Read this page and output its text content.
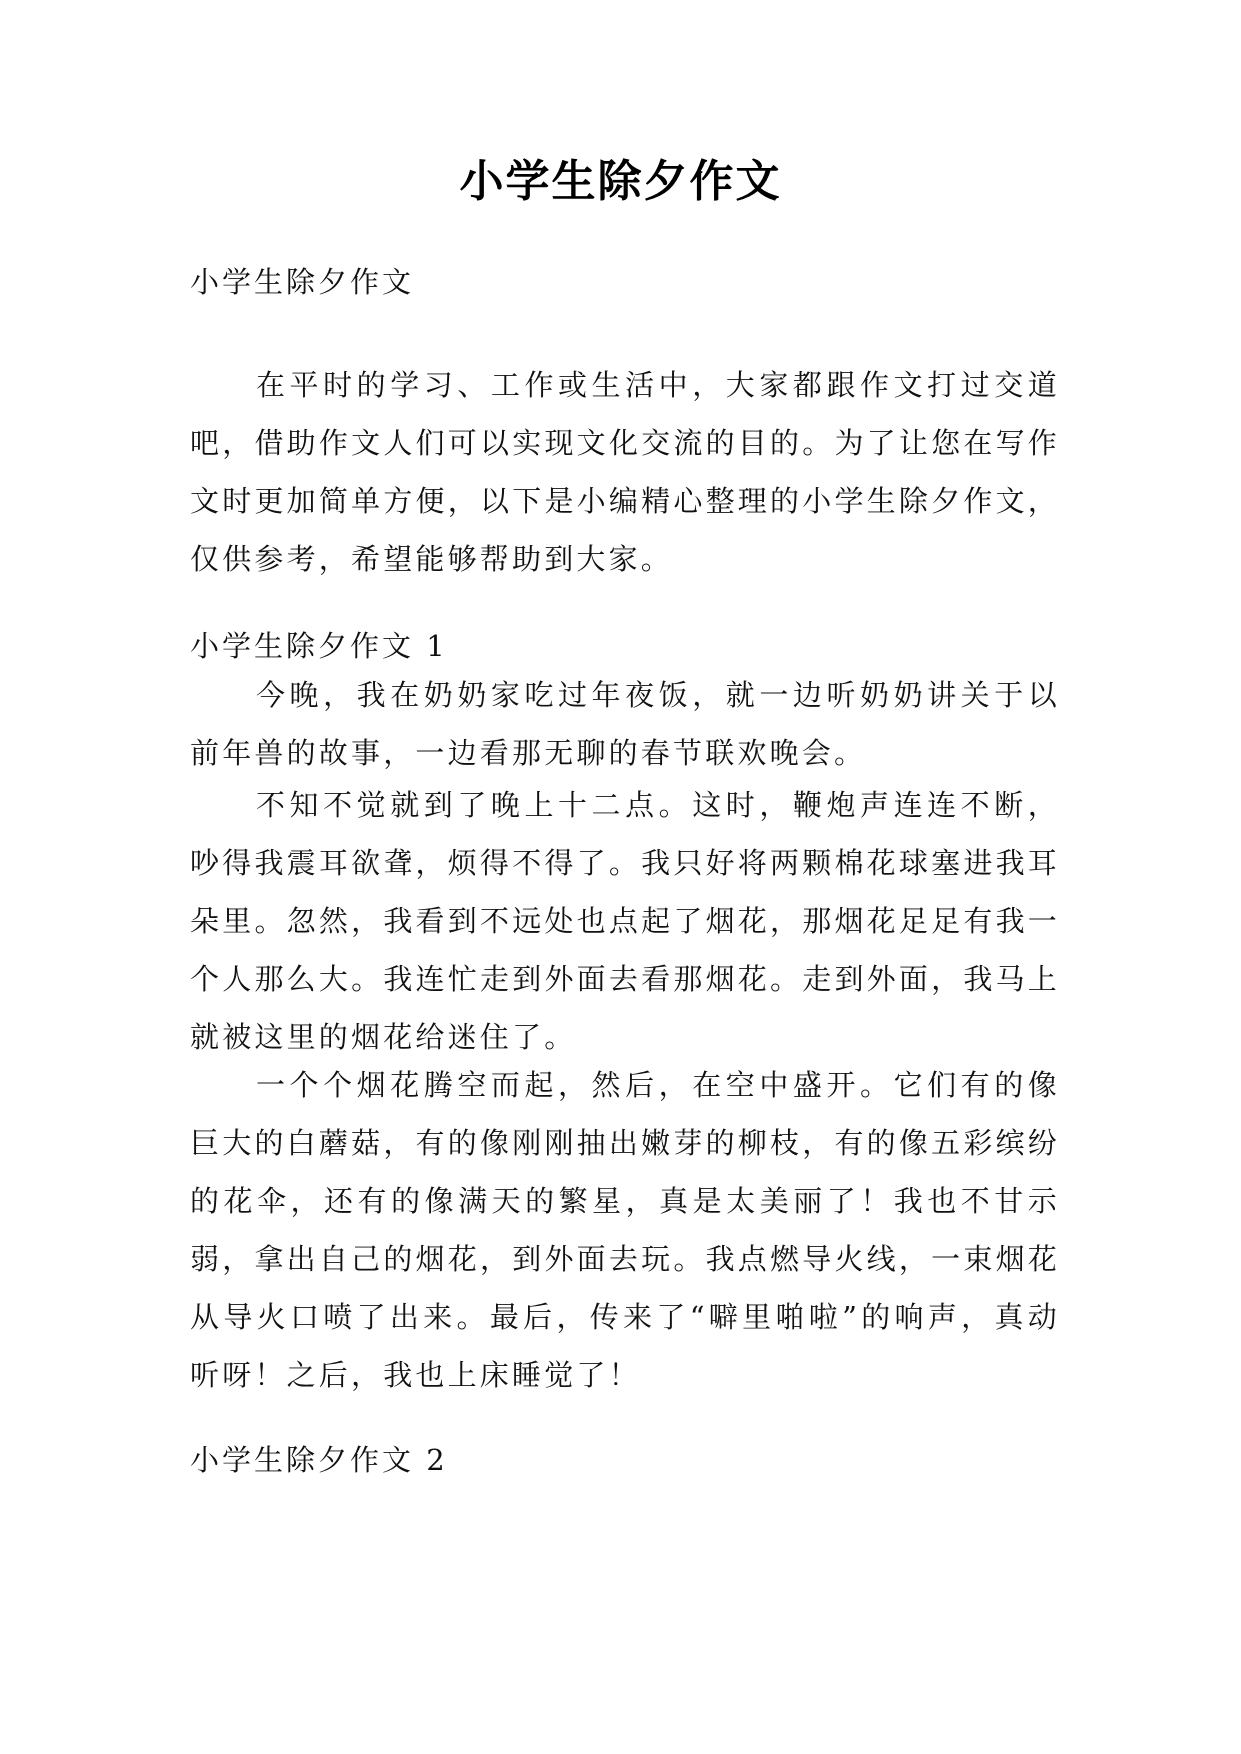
小学生除夕作文

小学生除夕作文

在平时的学习、工作或生活中，大家都跟作文打过交道吧，借助作文人们可以实现文化交流的目的。为了让您在写作文时更加简单方便，以下是小编精心整理的小学生除夕作文，仅供参考，希望能够帮助到大家。

小学生除夕作文 1

今晚，我在奶奶家吃过年夜饭，就一边听奶奶讲关于以前年兽的故事，一边看那无聊的春节联欢晚会。

不知不觉就到了晚上十二点。这时，鞭炮声连连不断，吵得我震耳欲聋，烦得不得了。我只好将两颗棉花球塞进我耳朵里。忽然，我看到不远处也点起了烟花，那烟花足足有我一个人那么大。我连忙走到外面去看那烟花。走到外面，我马上就被这里的烟花给迷住了。

一个个烟花腾空而起，然后，在空中盛开。它们有的像巨大的白蘑菇，有的像刚刚抽出嫩芽的柳枝，有的像五彩缤纷的花伞，还有的像满天的繁星，真是太美丽了！我也不甘示弱，拿出自己的烟花，到外面去玩。我点燃导火线，一束烟花从导火口喷了出来。最后，传来了“噼里啪啦”的响声，真动听呀！之后，我也上床睡觉了！

小学生除夕作文 2
